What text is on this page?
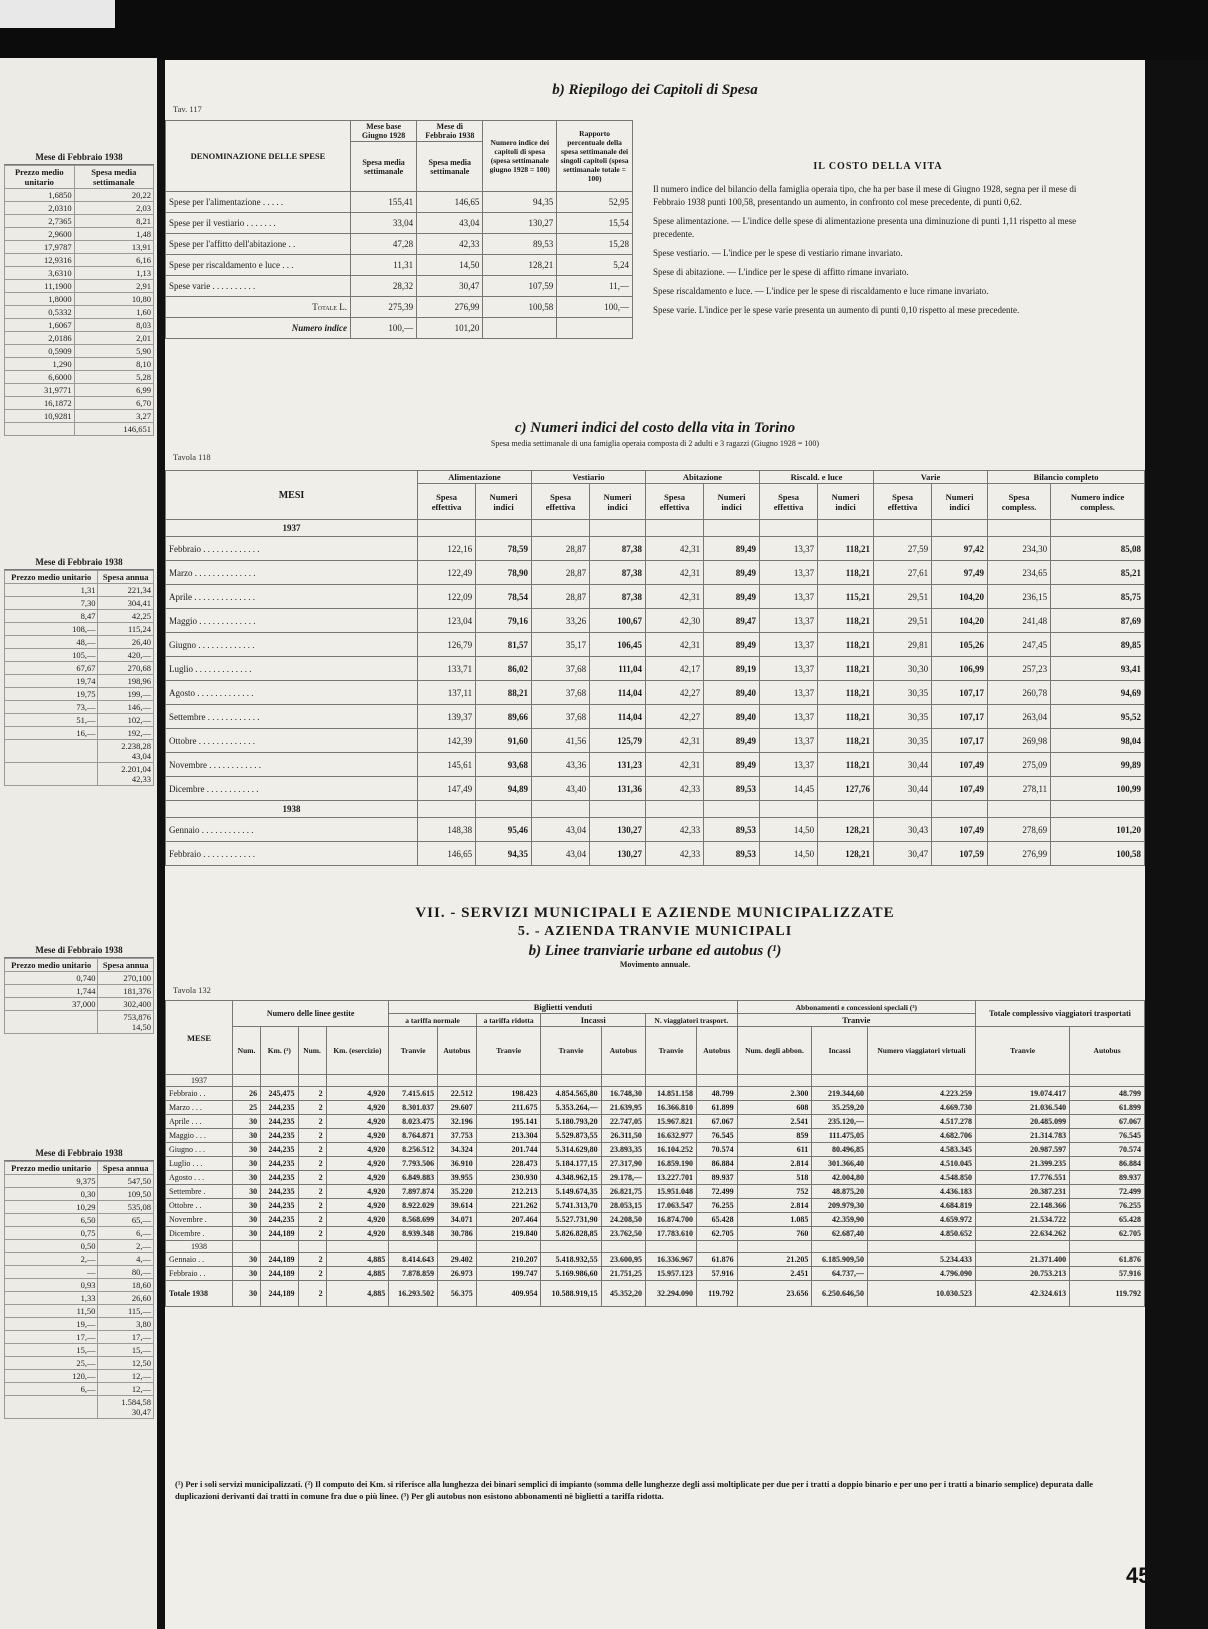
Mese di Febbraio 1938
Prezzo medio unitario	Spesa media settimanale
1,6850	20,22
2,0310	2,03
2,7365	8,21
2,9600	1,48
17,9787	13,91
12,9316	6,16
3,6310	1,13
11,1900	2,91
1,8000	10,80
0,5332	1,60
1,6067	8,03
2,0186	2,01
0,5909	5,90
1,290	8,10
6,6000	5,28
31,9771	6,99
16,1872	6,70
10,9281	3,27
	146,651
Mese di Febbraio 1938
Prezzo medio unitario	Spesa annua
1,31	221,34
7,30	304,41
8,47	42,25
108,—	115,24
48,—	26,40
105,—	420,—
67,67	270,68
19,74	198,96
19,75	199,—
73,—	146,—
51,—	102,—
16,—	192,—

	2.238,28
43,04

	2.201,04
42,33
Mese di Febbraio 1938
Prezzo medio unitario	Spesa annua
0,740	270,100
1,744	181,376
37,000	302,400

	753,876
14,50
Mese di Febbraio 1938
Prezzo medio unitario	Spesa annua
9,375	547,50
0,30	109,50
10,29	535,08
6,50	65,—
0,75	6,—
0,50	2,—
2,—	4,—
—	80,—
0,93	18,60
1,33	26,60
11,50	115,—
19,—	3,80
17,—	17,—
15,—	15,—
25,—	12,50
120,—	12,—
6,—	12,—

	1.584,58
30,47
b) Riepilogo dei Capitoli di Spesa
Tav. 117
DENOMINAZIONE DELLE SPESE	Mese base Giugno 1928	Mese di Febbraio 1938	Numero indice dei capitoli di spesa (spesa settimanale giugno 1928 = 100)	Rapporto percentuale della spesa settimanale dei singoli capitoli (spesa settimanale totale = 100)
	Spesa media settimanale	Spesa media settimanale		
Spese per l'alimentazione . . . . .	155,41	146,65	94,35	52,95
Spese per il vestiario . . . . . . .	33,04	43,04	130,27	15,54
Spese per l'affitto dell'abitazione . .	47,28	42,33	89,53	15,28
Spese per riscaldamento e luce . . .	11,31	14,50	128,21	5,24
Spese varie . . . . . . . . . .	28,32	30,47	107,59	11,—
Totale L.	275,39	276,99	100,58	100,—
Numero indice	100,—	101,20		
IL COSTO DELLA VITA

Il numero indice del bilancio della famiglia operaia tipo, che ha per base il mese di Giugno 1928, segna per il mese di Febbraio 1938 punti 100,58, presentando un aumento, in confronto col mese precedente, di punti 0,62.

Spese alimentazione. — L'indice delle spese di alimentazione presenta una diminuzione di punti 1,11 rispetto al mese precedente.

Spese vestiario. — L'indice per le spese di vestiario rimane invariato.

Spese di abitazione. — L'indice per le spese di affitto rimane invariato.

Spese riscaldamento e luce. — L'indice per le spese di riscaldamento e luce rimane invariato.

Spese varie. L'indice per le spese varie presenta un aumento di punti 0,10 rispetto al mese precedente.

c) Numeri indici del costo della vita in Torino
Spesa media settimanale di una famiglia operaia composta di 2 adulti e 3 ragazzi (Giugno 1928 = 100)
Tavola 118
MESI	Alimentazione		Vestiario		Abitazione		Riscald. e luce		Varie		Bilancio completo	
	Spesa effettiva	Numeri indici	Spesa effettiva	Numeri indici	Spesa effettiva	Numeri indici	Spesa effettiva	Numeri indici	Spesa effettiva	Numeri indici	Spesa compless.	Numero indice compless.
1937												
Febbraio . . . . . . . . . . . . .	122,16	78,59	28,87	87,38	42,31	89,49	13,37	118,21	27,59	97,42	234,30	85,08
Marzo . . . . . . . . . . . . . .	122,49	78,90	28,87	87,38	42,31	89,49	13,37	118,21	27,61	97,49	234,65	85,21
Aprile . . . . . . . . . . . . . .	122,09	78,54	28,87	87,38	42,31	89,49	13,37	115,21	29,51	104,20	236,15	85,75
Maggio . . . . . . . . . . . . .	123,04	79,16	33,26	100,67	42,30	89,47	13,37	118,21	29,51	104,20	241,48	87,69
Giugno . . . . . . . . . . . . .	126,79	81,57	35,17	106,45	42,31	89,49	13,37	118,21	29,81	105,26	247,45	89,85
Luglio . . . . . . . . . . . . .	133,71	86,02	37,68	111,04	42,17	89,19	13,37	118,21	30,30	106,99	257,23	93,41
Agosto . . . . . . . . . . . . .	137,11	88,21	37,68	114,04	42,27	89,40	13,37	118,21	30,35	107,17	260,78	94,69
Settembre . . . . . . . . . . . .	139,37	89,66	37,68	114,04	42,27	89,40	13,37	118,21	30,35	107,17	263,04	95,52
Ottobre . . . . . . . . . . . . .	142,39	91,60	41,56	125,79	42,31	89,49	13,37	118,21	30,35	107,17	269,98	98,04
Novembre . . . . . . . . . . . .	145,61	93,68	43,36	131,23	42,31	89,49	13,37	118,21	30,44	107,49	275,09	99,89
Dicembre . . . . . . . . . . . .	147,49	94,89	43,40	131,36	42,33	89,53	14,45	127,76	30,44	107,49	278,11	100,99
1938												
Gennaio . . . . . . . . . . . .	148,38	95,46	43,04	130,27	42,33	89,53	14,50	128,21	30,43	107,49	278,69	101,20
Febbraio . . . . . . . . . . . .	146,65	94,35	43,04	130,27	42,33	89,53	14,50	128,21	30,47	107,59	276,99	100,58
VII. - SERVIZI MUNICIPALI E AZIENDE MUNICIPALIZZATE
5. - AZIENDA TRANVIE MUNICIPALI
b) Linee tranviarie urbane ed autobus (¹)
Movimento annuale.
Tavola 132
MESE	Numero delle linee gestite				Biglietti venduti							Abbonamenti e concessioni speciali (³)			Totale complessivo viaggiatori trasportati	
					a tariffa normale		a tariffa ridotta	Incassi		N. viaggiatori trasport.		Tranvie				
	Num.	Km. (²)	Num.	Km. (esercizio)	Tranvie	Autobus	Tranvie	Tranvie	Autobus	Tranvie	Autobus	Num. degli abbon.	Incassi	Numero viaggiatori virtuali	Tranvie	Autobus
1937																
Febbraio . .	26	245,475	2	4,920	7.415.615	22.512	198.423	4.854.565,80	16.748,30	14.851.158	48.799	2.300	219.344,60	4.223.259	19.074.417	48.799
Marzo . . .	25	244,235	2	4,920	8.301.037	29.607	211.675	5.353.264,—	21.639,95	16.366.810	61.899	608	35.259,20	4.669.730	21.036.540	61.899
Aprile . . .	30	244,235	2	4,920	8.023.475	32.196	195.141	5.180.793,20	22.747,05	15.967.821	67.067	2.541	235.120,—	4.517.278	20.485.099	67.067
Maggio . . .	30	244,235	2	4,920	8.764.871	37.753	213.304	5.529.873,55	26.311,50	16.632.977	76.545	859	111.475,05	4.682.706	21.314.783	76.545
Giugno . . .	30	244,235	2	4,920	8.256.512	34.324	201.744	5.314.629,80	23.893,35	16.104.252	70.574	611	80.496,85	4.583.345	20.987.597	70.574
Luglio . . .	30	244,235	2	4,920	7.793.506	36.910	228.473	5.184.177,15	27.317,90	16.859.190	86.884	2.814	301.366,40	4.510.045	21.399.235	86.884
Agosto . . .	30	244,235	2	4,920	6.849.883	39.955	230.930	4.348.962,15	29.178,—	13.227.701	89.937	518	42.004,80	4.548.850	17.776.551	89.937
Settembre .	30	244,235	2	4,920	7.897.874	35.220	212.213	5.149.674,35	26.821,75	15.951.048	72.499	752	48.875,20	4.436.183	20.387.231	72.499
Ottobre . .	30	244,235	2	4,920	8.922.029	39.614	221.262	5.741.313,70	28.053,15	17.063.547	76.255	2.814	209.979,30	4.684.819	22.148.366	76.255
Novembre .	30	244,235	2	4,920	8.568.699	34.071	207.464	5.527.731,90	24.208,50	16.874.700	65.428	1.085	42.359,90	4.659.972	21.534.722	65.428
Dicembre .	30	244,189	2	4,920	8.939.348	30.786	219.840	5.826.828,85	23.762,50	17.783.610	62.705	760	62.687,40	4.850.652	22.634.262	62.705
1938																
Gennaio . .	30	244,189	2	4,885	8.414.643	29.402	210.207	5.418.932,55	23.600,95	16.336.967	61.876	21.205	6.185.909,50	5.234.433	21.371.400	61.876
Febbraio . .	30	244,189	2	4,885	7.878.859	26.973	199.747	5.169.986,60	21.751,25	15.957.123	57.916	2.451	64.737,—	4.796.090	20.753.213	57.916
Totale 1938	30	244,189	2	4,885	16.293.502	56.375	409.954	10.588.919,15	45.352,20	32.294.090	119.792	23.656	6.250.646,50	10.030.523	42.324.613	119.792
(¹) Per i soli servizi municipalizzati. (²) Il computo dei Km. si riferisce alla lunghezza dei binari semplici di impianto (somma delle lunghezze degli assi moltiplicate per due per i tratti a doppio binario e per uno per i tratti a binario semplice) depurata dalle duplicazioni derivanti dai tratti in comune fra due o più linee. (³) Per gli autobus non esistono abbonamenti nè biglietti a tariffa ridotta.
45
